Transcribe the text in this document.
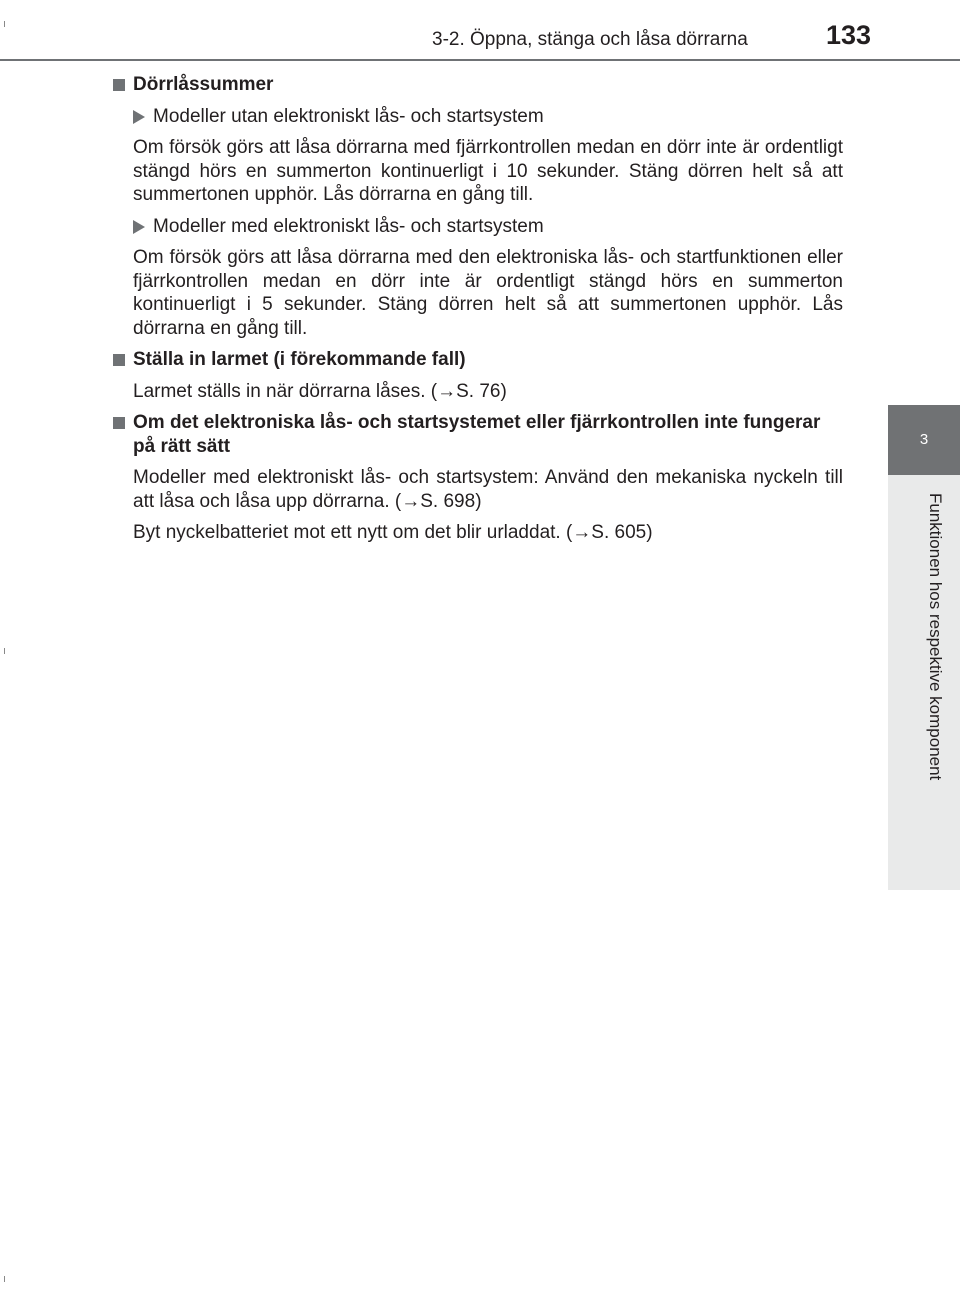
3-2. Öppna, stänga och låsa dörrarna	133
3
Funktionen hos respektive komponent
Dörrlåssummer
Modeller utan elektroniskt lås- och startsystem

Om försök görs att låsa dörrarna med fjärrkontrollen medan en dörr inte är ordentligt stängd hörs en summerton kontinuerligt i 10 sekunder. Stäng dörren helt så att summertonen upphör. Lås dörrarna en gång till.

Modeller med elektroniskt lås- och startsystem

Om försök görs att låsa dörrarna med den elektroniska lås- och startfunktionen eller fjärrkontrollen medan en dörr inte är ordentligt stängd hörs en summerton kontinuerligt i 5 sekunder. Stäng dörren helt så att summertonen upphör. Lås dörrarna en gång till.

Ställa in larmet (i förekommande fall)

Larmet ställs in när dörrarna låses. (→S. 76)

Om det elektroniska lås- och startsystemet eller fjärrkontrollen inte fungerar på rätt sätt

Modeller med elektroniskt lås- och startsystem: Använd den mekaniska nyckeln till att låsa och låsa upp dörrarna. (→S. 698)

Byt nyckelbatteriet mot ett nytt om det blir urladdat. (→S. 605)
